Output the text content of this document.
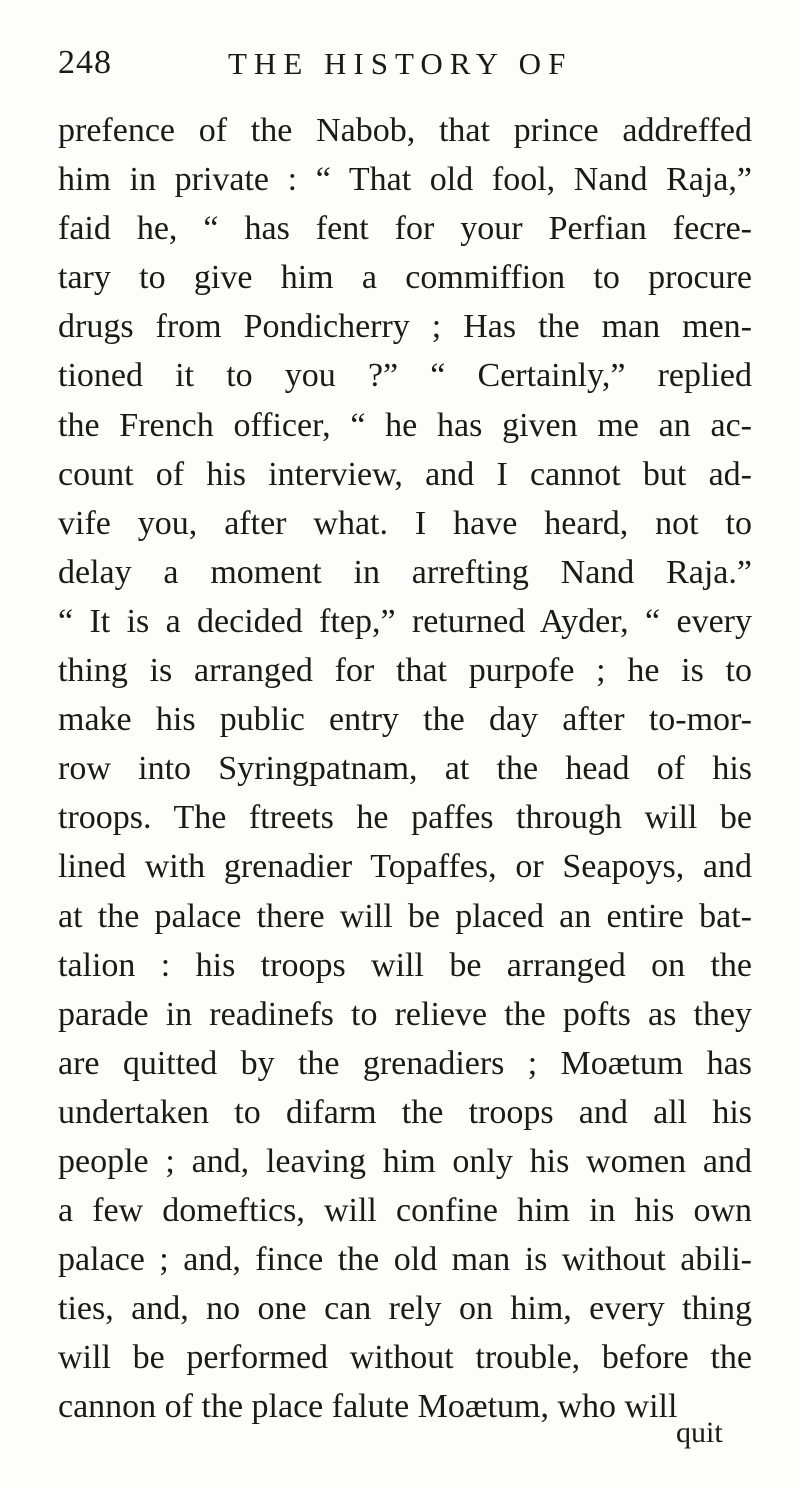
248	THE HISTORY OF
prefence of the Nabob, that prince addreffed
him in private : “ That old fool, Nand Raja,”
faid he, “ has fent for your Perfian fecre-
tary to give him a commiffion to procure
drugs from Pondicherry ; Has the man men-
tioned it to you ?” “ Certainly,” replied
the French officer, “ he has given me an ac-
count of his interview, and I cannot but ad-
vife you, after what. I have heard, not to
delay a moment in arrefting Nand Raja.”
“ It is a decided ftep,” returned Ayder, “ every
thing is arranged for that purpofe ; he is to
make his public entry the day after to-mor-
row into Syringpatnam, at the head of his
troops. The ftreets he paffes through will be
lined with grenadier Topaffes, or Seapoys, and
at the palace there will be placed an entire bat-
talion : his troops will be arranged on the
parade in readinefs to relieve the pofts as they
are quitted by the grenadiers ; Moætum has
undertaken to difarm the troops and all his
people ; and, leaving him only his women and
a few domeftics, will confine him in his own
palace ; and, fince the old man is without abili-
ties, and, no one can rely on him, every thing
will be performed without trouble, before the
cannon of the place falute Moætum, who will
quit
